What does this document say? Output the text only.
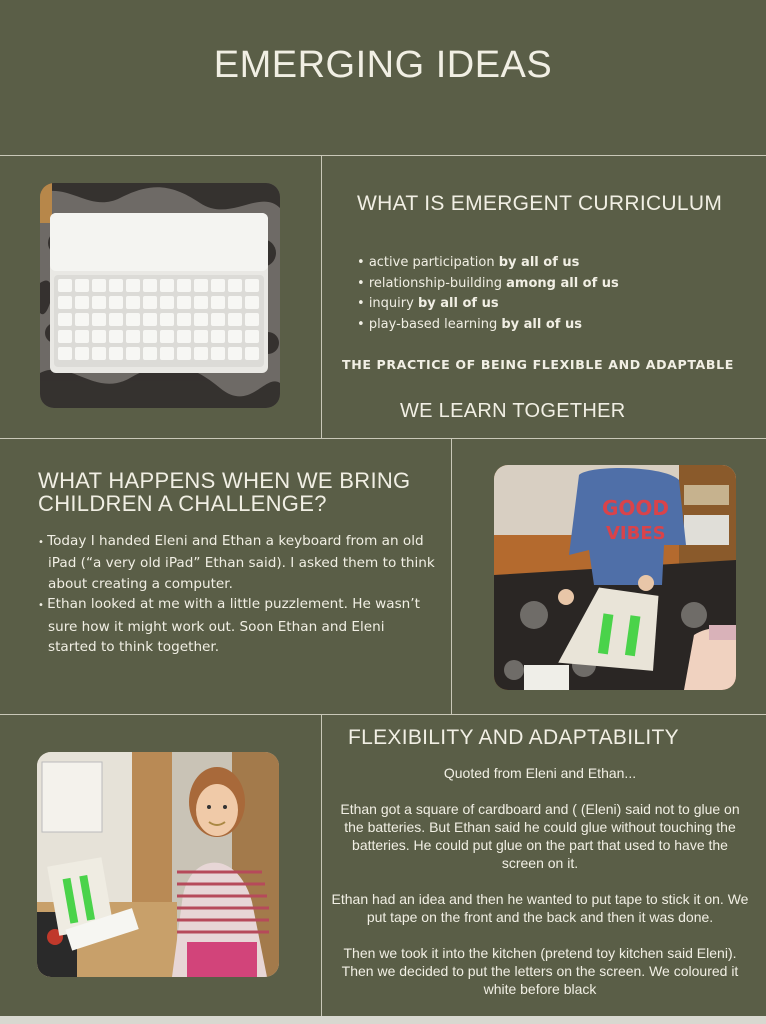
EMERGING IDEAS
WHAT IS EMERGENT CURRICULUM
• active participation by all of us
• relationship-building among all of us
• inquiry by all of us
• play-based learning by all of us
THE PRACTICE OF BEING FLEXIBLE AND ADAPTABLE
WE LEARN TOGETHER
WHAT HAPPENS WHEN WE BRING
CHILDREN A CHALLENGE?
• Today I handed Eleni and Ethan a keyboard from an old iPad (“a very old iPad” Ethan said). I asked them to think about creating a computer.
• Ethan looked at me with a little puzzlement. He wasn’t sure how it might work out. Soon Ethan and Eleni started to think together.
GOOD
VIBES
FLEXIBILITY AND ADAPTABILITY

Quoted from Eleni and Ethan...

Ethan got a square of cardboard and ( (Eleni) said not to glue on the batteries. But Ethan said he could glue without touching the batteries. He could put glue on the part that used to have the screen on it.

Ethan had an idea and then he wanted to put tape to stick it on. We put tape on the front and the back and then it was done.

Then we took it into the kitchen (pretend toy kitchen said Eleni). Then we decided to put the letters on the screen. We coloured it white before black
